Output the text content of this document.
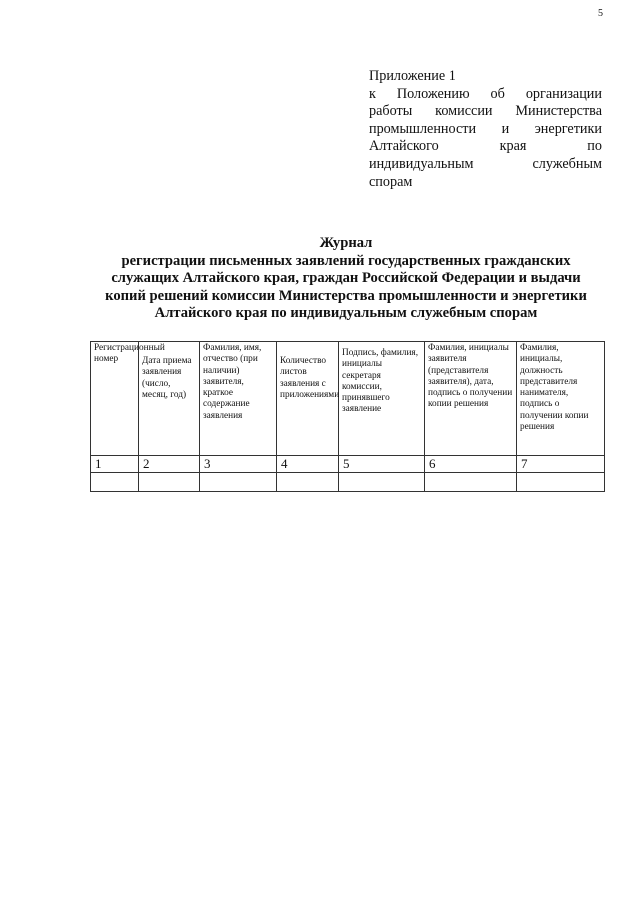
5
Приложение 1
к Положению об организации
работы комиссии Министерства
промышленности и энергетики
Алтайского края по
индивидуальным служебным
спорам
Журнал
регистрации письменных заявлений государственных гражданских
служащих Алтайского края, граждан Российской Федерации и выдачи
копий решений комиссии Министерства промышленности и энергетики
Алтайского края по индивидуальным служебным спорам
Регистрационный номер	Дата приема заявления (число, месяц, год)	Фамилия, имя, отчество (при наличии) заявителя, краткое содержание заявления	Количество листов заявления с приложениями	Подпись, фамилия, инициалы секретаря комиссии, принявшего заявление	Фамилия, инициалы заявителя (представителя заявителя), дата, подпись о получении копии решения	Фамилия, инициалы, должность представителя нанимателя, подпись о получении копии решения
1	2	3	4	5	6	7
